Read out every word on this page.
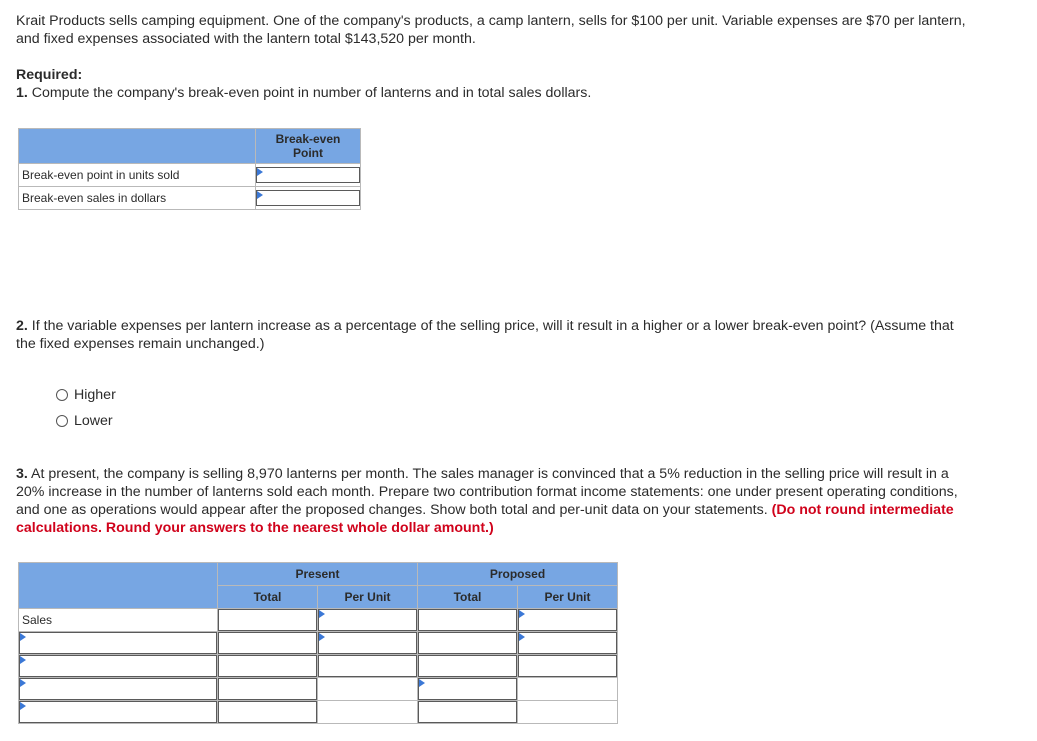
Krait Products sells camping equipment. One of the company's products, a camp lantern, sells for $100 per unit. Variable expenses are $70 per lantern, and fixed expenses associated with the lantern total $143,520 per month.

Required:

1. Compute the company's break-even point in number of lanterns and in total sales dollars.

	Break-even
Point
Break-even point in units sold	

Break-even sales in dollars	

2. If the variable expenses per lantern increase as a percentage of the selling price, will it result in a higher or a lower break-even point? (Assume that the fixed expenses remain unchanged.)

Higher
Lower

3. At present, the company is selling 8,970 lanterns per month. The sales manager is convinced that a 5% reduction in the selling price will result in a 20% increase in the number of lanterns sold each month. Prepare two contribution format income statements: one under present operating conditions, and one as operations would appear after the proposed changes. Show both total and per-unit data on your statements. (Do not round intermediate calculations. Round your answers to the nearest whole dollar amount.)

	Present		Proposed	
	Total	Per Unit	Total	Per Unit
Sales	
